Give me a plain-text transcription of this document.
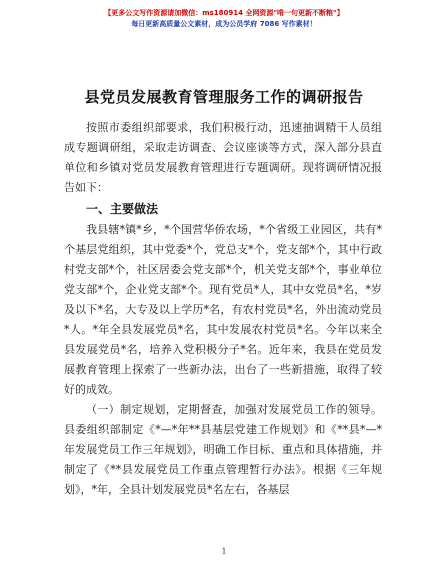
【更多公文写作资源请加微信：ms180914 全网资源"啃一句更新不断粮"】
每日更新高质量公文素材，成为公员学府 7086 写作素材！
县党员发展教育管理服务工作的调研报告

按照市委组织部要求，我们积极行动，迅速抽调精干人员组成专题调研组，采取走访调查、会议座谈等方式，深入部分县直单位和乡镇对党员发展教育管理进行专题调研。现将调研情况报告如下：

一、主要做法

我县辖*镇*乡，*个国营华侨农场，*个省级工业园区，共有*个基层党组织，其中党委*个，党总支*个，党支部*个，其中行政村党支部*个，社区居委会党支部*个，机关党支部*个，事业单位党支部*个，企业党支部*个。现有党员*人，其中女党员*名，*岁及以下*名，大专及以上学历*名，有农村党员*名，外出流动党员*人。*年全县发展党员*名，其中发展农村党员*名。今年以来全县发展党员*名，培养入党积极分子*名。近年来，我县在党员发展教育管理上探索了一些新办法，出台了一些新措施，取得了较好的成效。

（一）制定规划，定期督查，加强对发展党员工作的领导。县委组织部制定《*—*年**县基层党建工作规划》和《**县*—*年发展党员工作三年规划》，明确工作目标、重点和具体措施，并制定了《**县发展党员工作重点管理暂行办法》。根据《三年规划》，*年，全县计划发展党员*名左右，各基层

1
